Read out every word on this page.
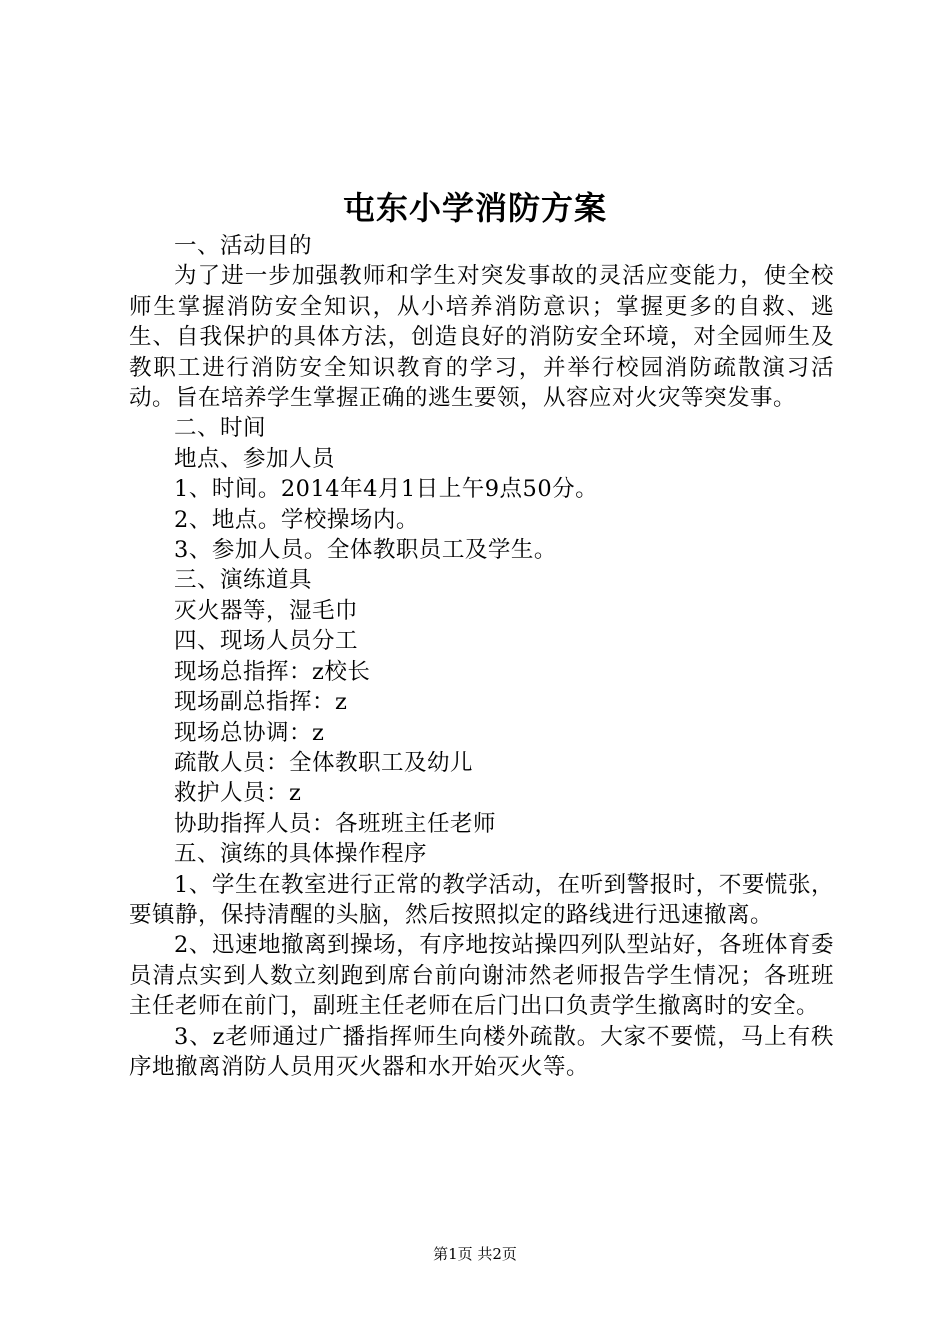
屯东小学消防方案

一、活动目的

为了进一步加强教师和学生对突发事故的灵活应变能力，使全校师生掌握消防安全知识，从小培养消防意识；掌握更多的自救、逃生、自我保护的具体方法，创造良好的消防安全环境，对全园师生及教职工进行消防安全知识教育的学习，并举行校园消防疏散演习活动。旨在培养学生掌握正确的逃生要领，从容应对火灾等突发事。

二、时间

地点、参加人员

1、时间。2014年4月1日上午9点50分。

2、地点。学校操场内。

3、参加人员。全体教职员工及学生。

三、演练道具

灭火器等，湿毛巾

四、现场人员分工

现场总指挥：z校长

现场副总指挥：z

现场总协调：z

疏散人员：全体教职工及幼儿

救护人员：z

协助指挥人员：各班班主任老师

五、演练的具体操作程序

1、学生在教室进行正常的教学活动，在听到警报时，不要慌张，要镇静，保持清醒的头脑，然后按照拟定的路线进行迅速撤离。

2、迅速地撤离到操场，有序地按站操四列队型站好，各班体育委员清点实到人数立刻跑到席台前向谢沛然老师报告学生情况；各班班主任老师在前门，副班主任老师在后门出口负责学生撤离时的安全。

3、z老师通过广播指挥师生向楼外疏散。大家不要慌，马上有秩序地撤离消防人员用灭火器和水开始灭火等。

第1页 共2页
